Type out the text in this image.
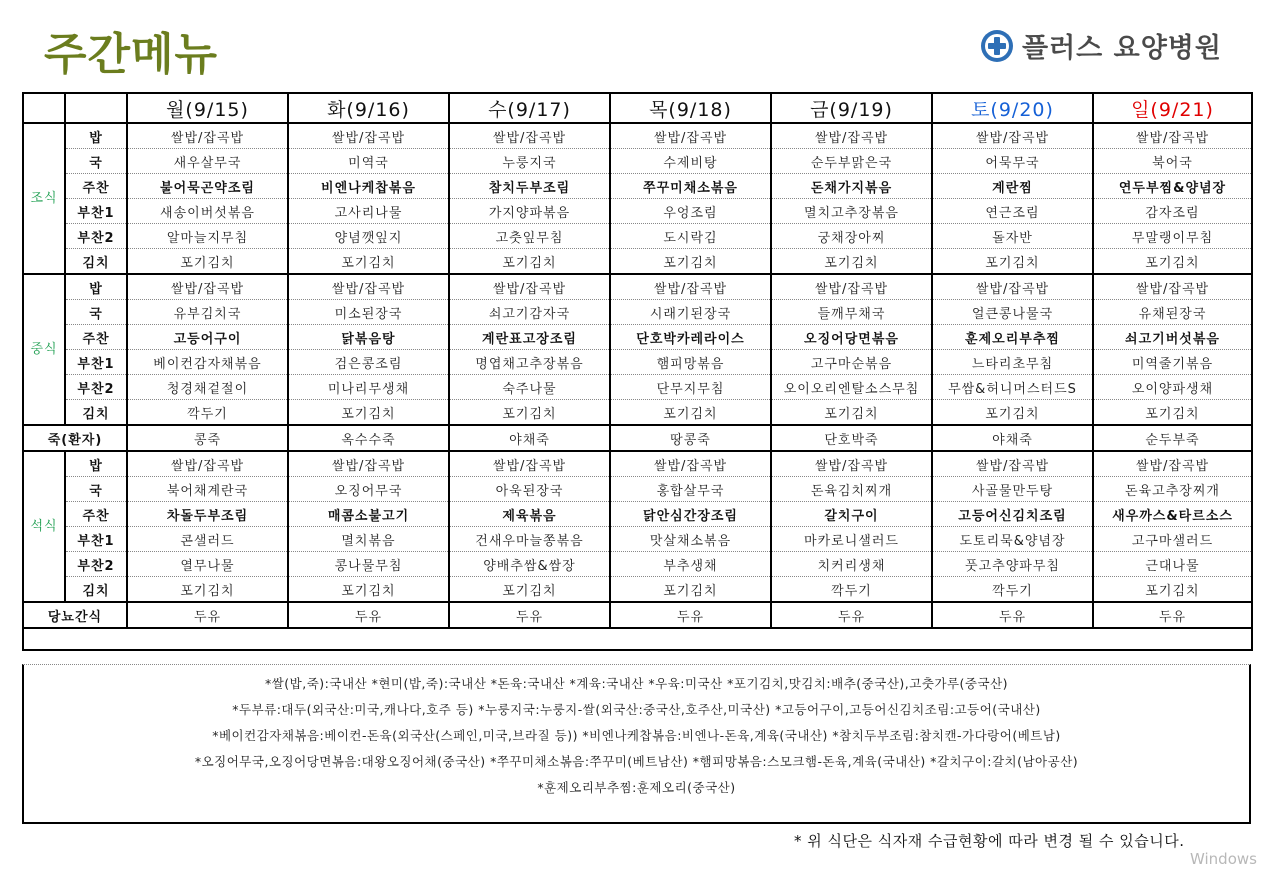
주간메뉴	플러스 요양병원
		월(9/15)	화(9/16)	수(9/17)	목(9/18)	금(9/19)	토(9/20)	일(9/21)
조식	밥	쌀밥/잡곡밥	쌀밥/잡곡밥	쌀밥/잡곡밥	쌀밥/잡곡밥	쌀밥/잡곡밥	쌀밥/잡곡밥	쌀밥/잡곡밥
	국	새우살무국	미역국	누룽지국	수제비탕	순두부맑은국	어묵무국	북어국
	주찬	불어묵곤약조림	비엔나케찹볶음	참치두부조림	쭈꾸미채소볶음	돈채가지볶음	계란찜	연두부찜&양념장
	부찬1	새송이버섯볶음	고사리나물	가지양파볶음	우엉조림	멸치고추장볶음	연근조림	감자조림
	부찬2	알마늘지무침	양념깻잎지	고춧잎무침	도시락김	궁채장아찌	돌자반	무말랭이무침
	김치	포기김치	포기김치	포기김치	포기김치	포기김치	포기김치	포기김치
중식	밥	쌀밥/잡곡밥	쌀밥/잡곡밥	쌀밥/잡곡밥	쌀밥/잡곡밥	쌀밥/잡곡밥	쌀밥/잡곡밥	쌀밥/잡곡밥
	국	유부김치국	미소된장국	쇠고기감자국	시래기된장국	들깨무채국	얼큰콩나물국	유채된장국
	주찬	고등어구이	닭볶음탕	계란표고장조림	단호박카레라이스	오징어당면볶음	훈제오리부추찜	쇠고기버섯볶음
	부찬1	베이컨감자채볶음	검은콩조림	명엽채고추장볶음	햄피망볶음	고구마순볶음	느타리초무침	미역줄기볶음
	부찬2	청경채겉절이	미나리무생채	숙주나물	단무지무침	오이오리엔탈소스무침	무쌈&허니머스터드S	오이양파생채
	김치	깍두기	포기김치	포기김치	포기김치	포기김치	포기김치	포기김치
죽(환자)		콩죽	옥수수죽	야채죽	땅콩죽	단호박죽	야채죽	순두부죽
석식	밥	쌀밥/잡곡밥	쌀밥/잡곡밥	쌀밥/잡곡밥	쌀밥/잡곡밥	쌀밥/잡곡밥	쌀밥/잡곡밥	쌀밥/잡곡밥
	국	북어채계란국	오징어무국	아욱된장국	홍합살무국	돈육김치찌개	사골물만두탕	돈육고추장찌개
	주찬	차돌두부조림	매콤소불고기	제육볶음	닭안심간장조림	갈치구이	고등어신김치조림	새우까스&타르소스
	부찬1	콘샐러드	멸치볶음	건새우마늘쫑볶음	맛살채소볶음	마카로니샐러드	도토리묵&양념장	고구마샐러드
	부찬2	열무나물	콩나물무침	양배추쌈&쌈장	부추생채	치커리생채	풋고추양파무침	근대나물
	김치	포기김치	포기김치	포기김치	포기김치	깍두기	깍두기	포기김치
당뇨간식		두유	두유	두유	두유	두유	두유	두유

*쌀(밥,죽):국내산 *현미(밥,죽):국내산 *돈육:국내산 *계육:국내산 *우육:미국산 *포기김치,맛김치:배추(중국산),고춧가루(중국산)
*두부류:대두(외국산:미국,캐나다,호주 등) *누룽지국:누룽지-쌀(외국산:중국산,호주산,미국산) *고등어구이,고등어신김치조림:고등어(국내산)
*베이컨감자채볶음:베이컨-돈육(외국산(스페인,미국,브라질 등)) *비엔나케찹볶음:비엔나-돈육,계육(국내산) *참치두부조림:참치캔-가다랑어(베트남)
*오징어무국,오징어당면볶음:대왕오징어채(중국산) *쭈꾸미채소볶음:쭈꾸미(베트남산) *햄피망볶음:스모크햄-돈육,계육(국내산) *갈치구이:갈치(남아공산)
*훈제오리부추찜:훈제오리(중국산)
* 위 식단은 식자재 수급현황에 따라 변경 될 수 있습니다.
Windows
